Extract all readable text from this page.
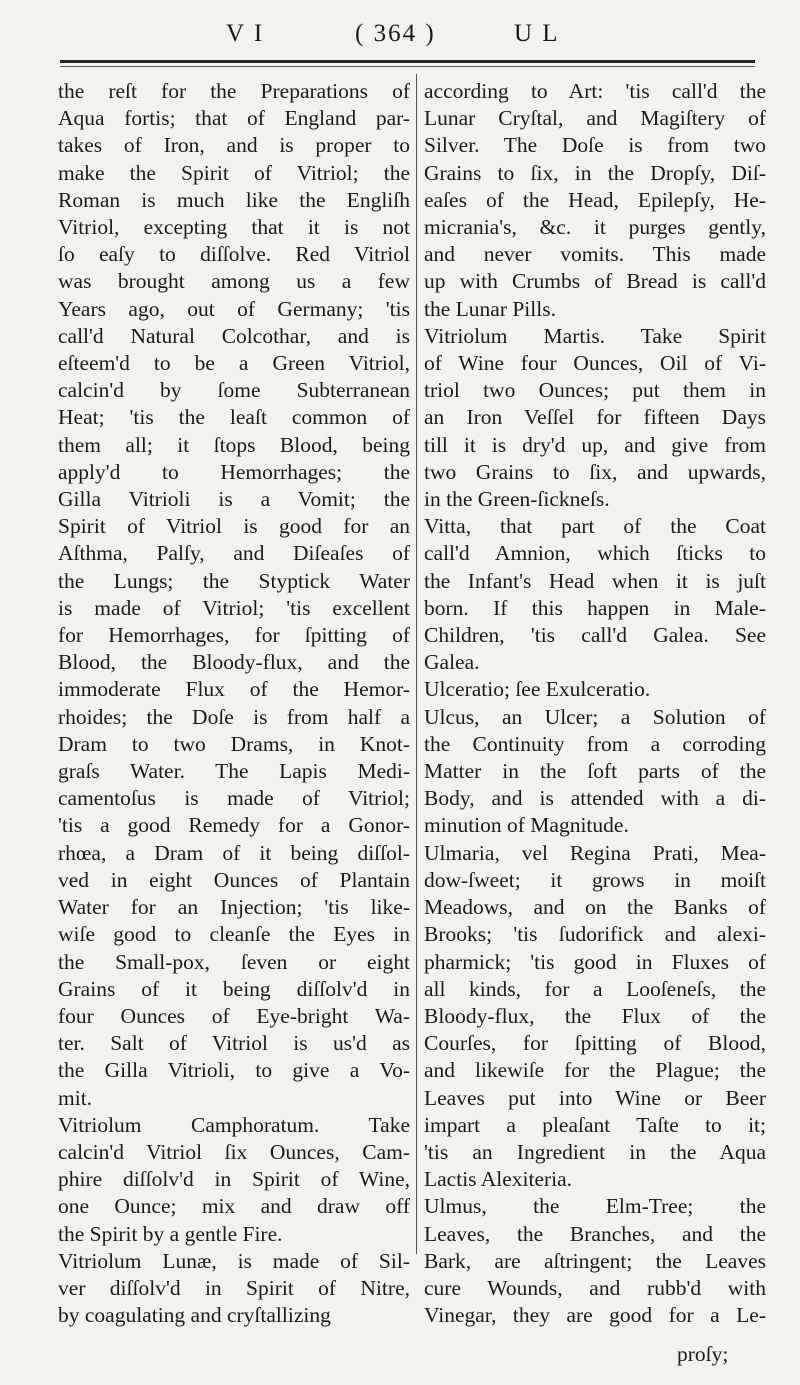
V I	( 364 )	U L
the reſt for the Preparations of
Aqua fortis; that of England par-
takes of Iron, and is proper to
make the Spirit of Vitriol; the
Roman is much like the Engliſh
Vitriol, excepting that it is not
ſo eaſy to diſſolve. Red Vitriol
was brought among us a few
Years ago, out of Germany; 'tis
call'd Natural Colcothar, and is
eſteem'd to be a Green Vitriol,
calcin'd by ſome Subterranean
Heat; 'tis the leaſt common of
them all; it ſtops Blood, being
apply'd to Hemorrhages; the
Gilla Vitrioli is a Vomit; the
Spirit of Vitriol is good for an
Aſthma, Palſy, and Diſeaſes of
the Lungs; the Styptick Water
is made of Vitriol; 'tis excellent
for Hemorrhages, for ſpitting of
Blood, the Bloody-flux, and the
immoderate Flux of the Hemor-
rhoides; the Doſe is from half a
Dram to two Drams, in Knot-
graſs Water. The Lapis Medi-
camentoſus is made of Vitriol;
'tis a good Remedy for a Gonor-
rhœa, a Dram of it being diſſol-
ved in eight Ounces of Plantain
Water for an Injection; 'tis like-
wiſe good to cleanſe the Eyes in
the Small-pox, ſeven or eight
Grains of it being diſſolv'd in
four Ounces of Eye-bright Wa-
ter. Salt of Vitriol is us'd as
the Gilla Vitrioli, to give a Vo-
mit.
Vitriolum Camphoratum. Take
calcin'd Vitriol ſix Ounces, Cam-
phire diſſolv'd in Spirit of Wine,
one Ounce; mix and draw off
the Spirit by a gentle Fire.
Vitriolum Lunæ, is made of Sil-
ver diſſolv'd in Spirit of Nitre,
by coagulating and cryſtallizing
according to Art: 'tis call'd the
Lunar Cryſtal, and Magiſtery of
Silver. The Doſe is from two
Grains to ſix, in the Dropſy, Diſ-
eaſes of the Head, Epilepſy, He-
micrania's, &c. it purges gently,
and never vomits. This made
up with Crumbs of Bread is call'd
the Lunar Pills.
Vitriolum Martis. Take Spirit
of Wine four Ounces, Oil of Vi-
triol two Ounces; put them in
an Iron Veſſel for fifteen Days
till it is dry'd up, and give from
two Grains to ſix, and upwards,
in the Green-ſickneſs.
Vitta, that part of the Coat
call'd Amnion, which ſticks to
the Infant's Head when it is juſt
born. If this happen in Male-
Children, 'tis call'd Galea. See
Galea.
Ulceratio; ſee Exulceratio.
Ulcus, an Ulcer; a Solution of
the Continuity from a corroding
Matter in the ſoft parts of the
Body, and is attended with a di-
minution of Magnitude.
Ulmaria, vel Regina Prati, Mea-
dow-ſweet; it grows in moiſt
Meadows, and on the Banks of
Brooks; 'tis ſudorifick and alexi-
pharmick; 'tis good in Fluxes of
all kinds, for a Looſeneſs, the
Bloody-flux, the Flux of the
Courſes, for ſpitting of Blood,
and likewiſe for the Plague; the
Leaves put into Wine or Beer
impart a pleaſant Taſte to it;
'tis an Ingredient in the Aqua
Lactis Alexiteria.
Ulmus, the Elm-Tree; the
Leaves, the Branches, and the
Bark, are aſtringent; the Leaves
cure Wounds, and rubb'd with
Vinegar, they are good for a Le-
proſy;
